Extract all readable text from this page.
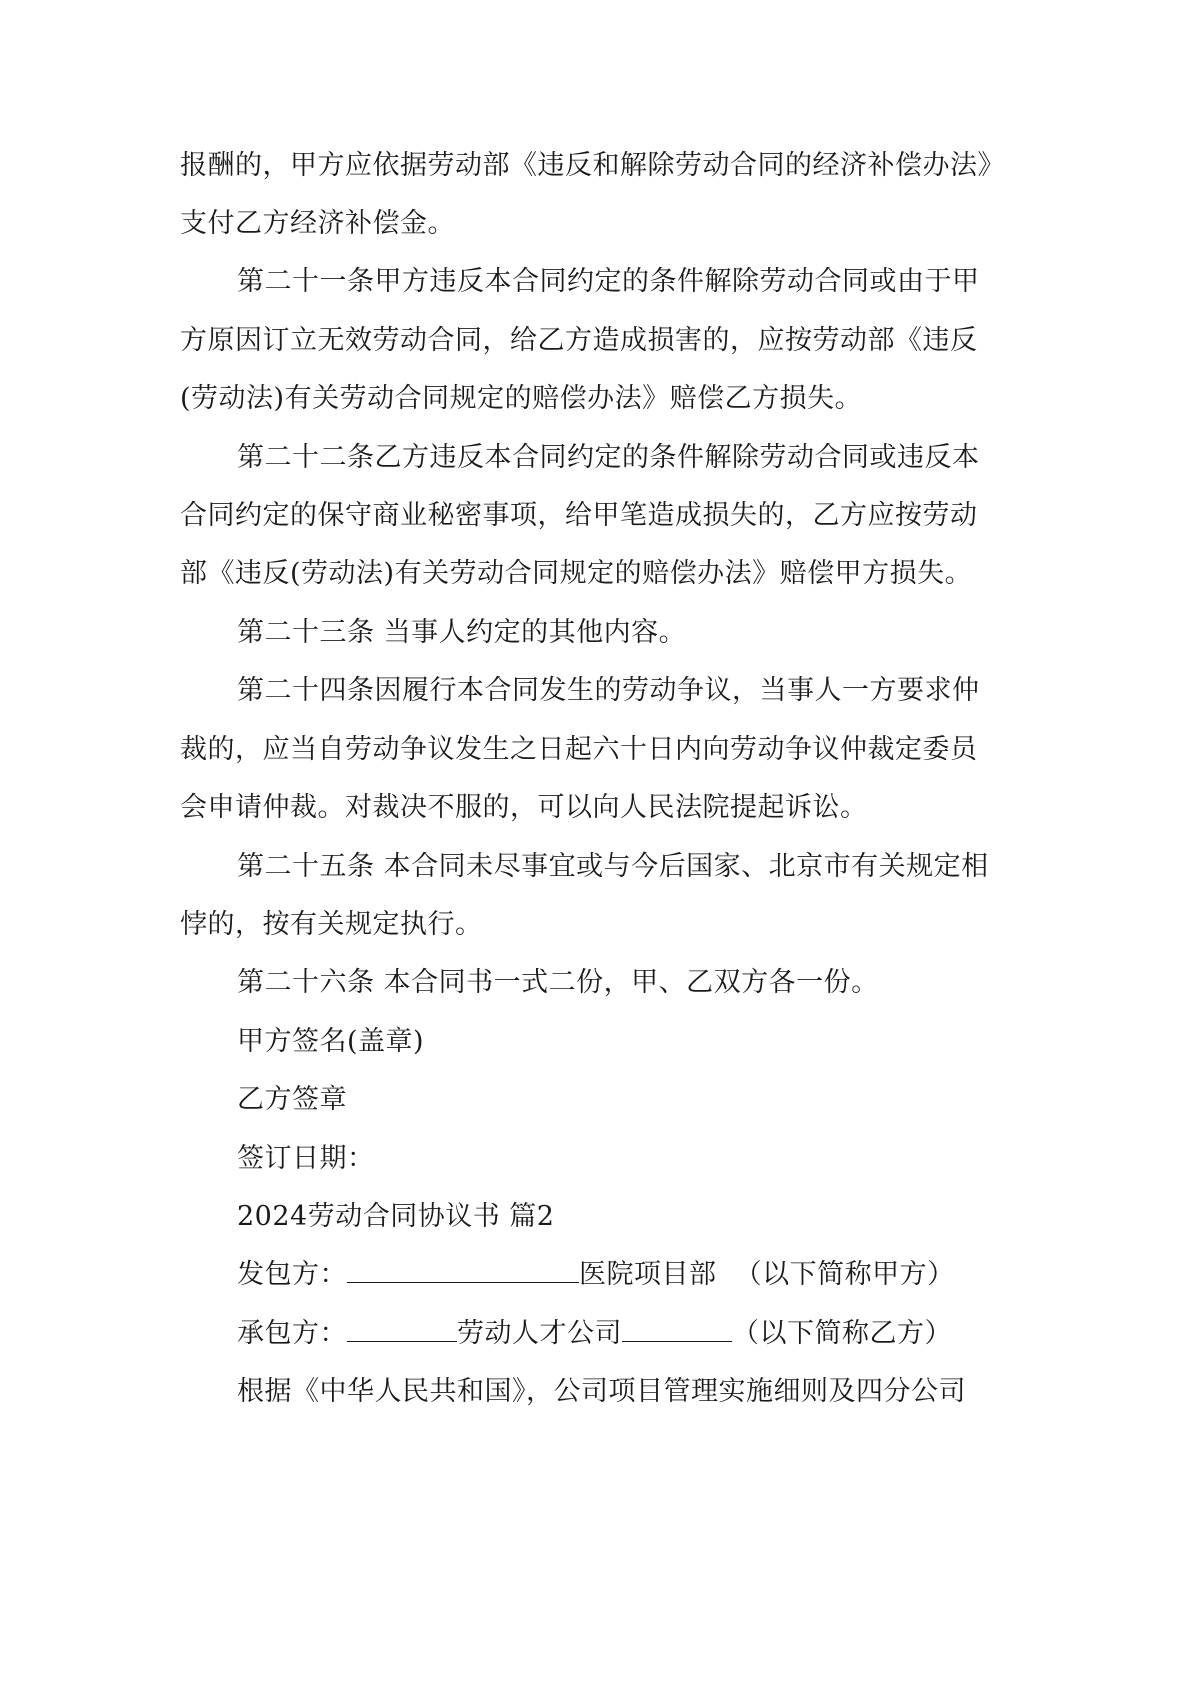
报酬的，甲方应依据劳动部《违反和解除劳动合同的经济补偿办法》
支付乙方经济补偿金。
第二十一条甲方违反本合同约定的条件解除劳动合同或由于甲
方原因订立无效劳动合同，给乙方造成损害的，应按劳动部《违反
(劳动法)有关劳动合同规定的赔偿办法》赔偿乙方损失。
第二十二条乙方违反本合同约定的条件解除劳动合同或违反本
合同约定的保守商业秘密事项，给甲笔造成损失的，乙方应按劳动
部《违反(劳动法)有关劳动合同规定的赔偿办法》赔偿甲方损失。
第二十三条 当事人约定的其他内容。
第二十四条因履行本合同发生的劳动争议，当事人一方要求仲
裁的，应当自劳动争议发生之日起六十日内向劳动争议仲裁定委员
会申请仲裁。对裁决不服的，可以向人民法院提起诉讼。
第二十五条 本合同未尽事宜或与今后国家、北京市有关规定相
悖的，按有关规定执行。
第二十六条 本合同书一式二份，甲、乙双方各一份。
甲方签名(盖章)
乙方签章
签订日期：
2024劳动合同协议书 篇2
发包方：	医院项目部 （以下简称甲方）
承包方：	劳动人才公司	（以下简称乙方）
根据《中华人民共和国》，公司项目管理实施细则及四分公司
